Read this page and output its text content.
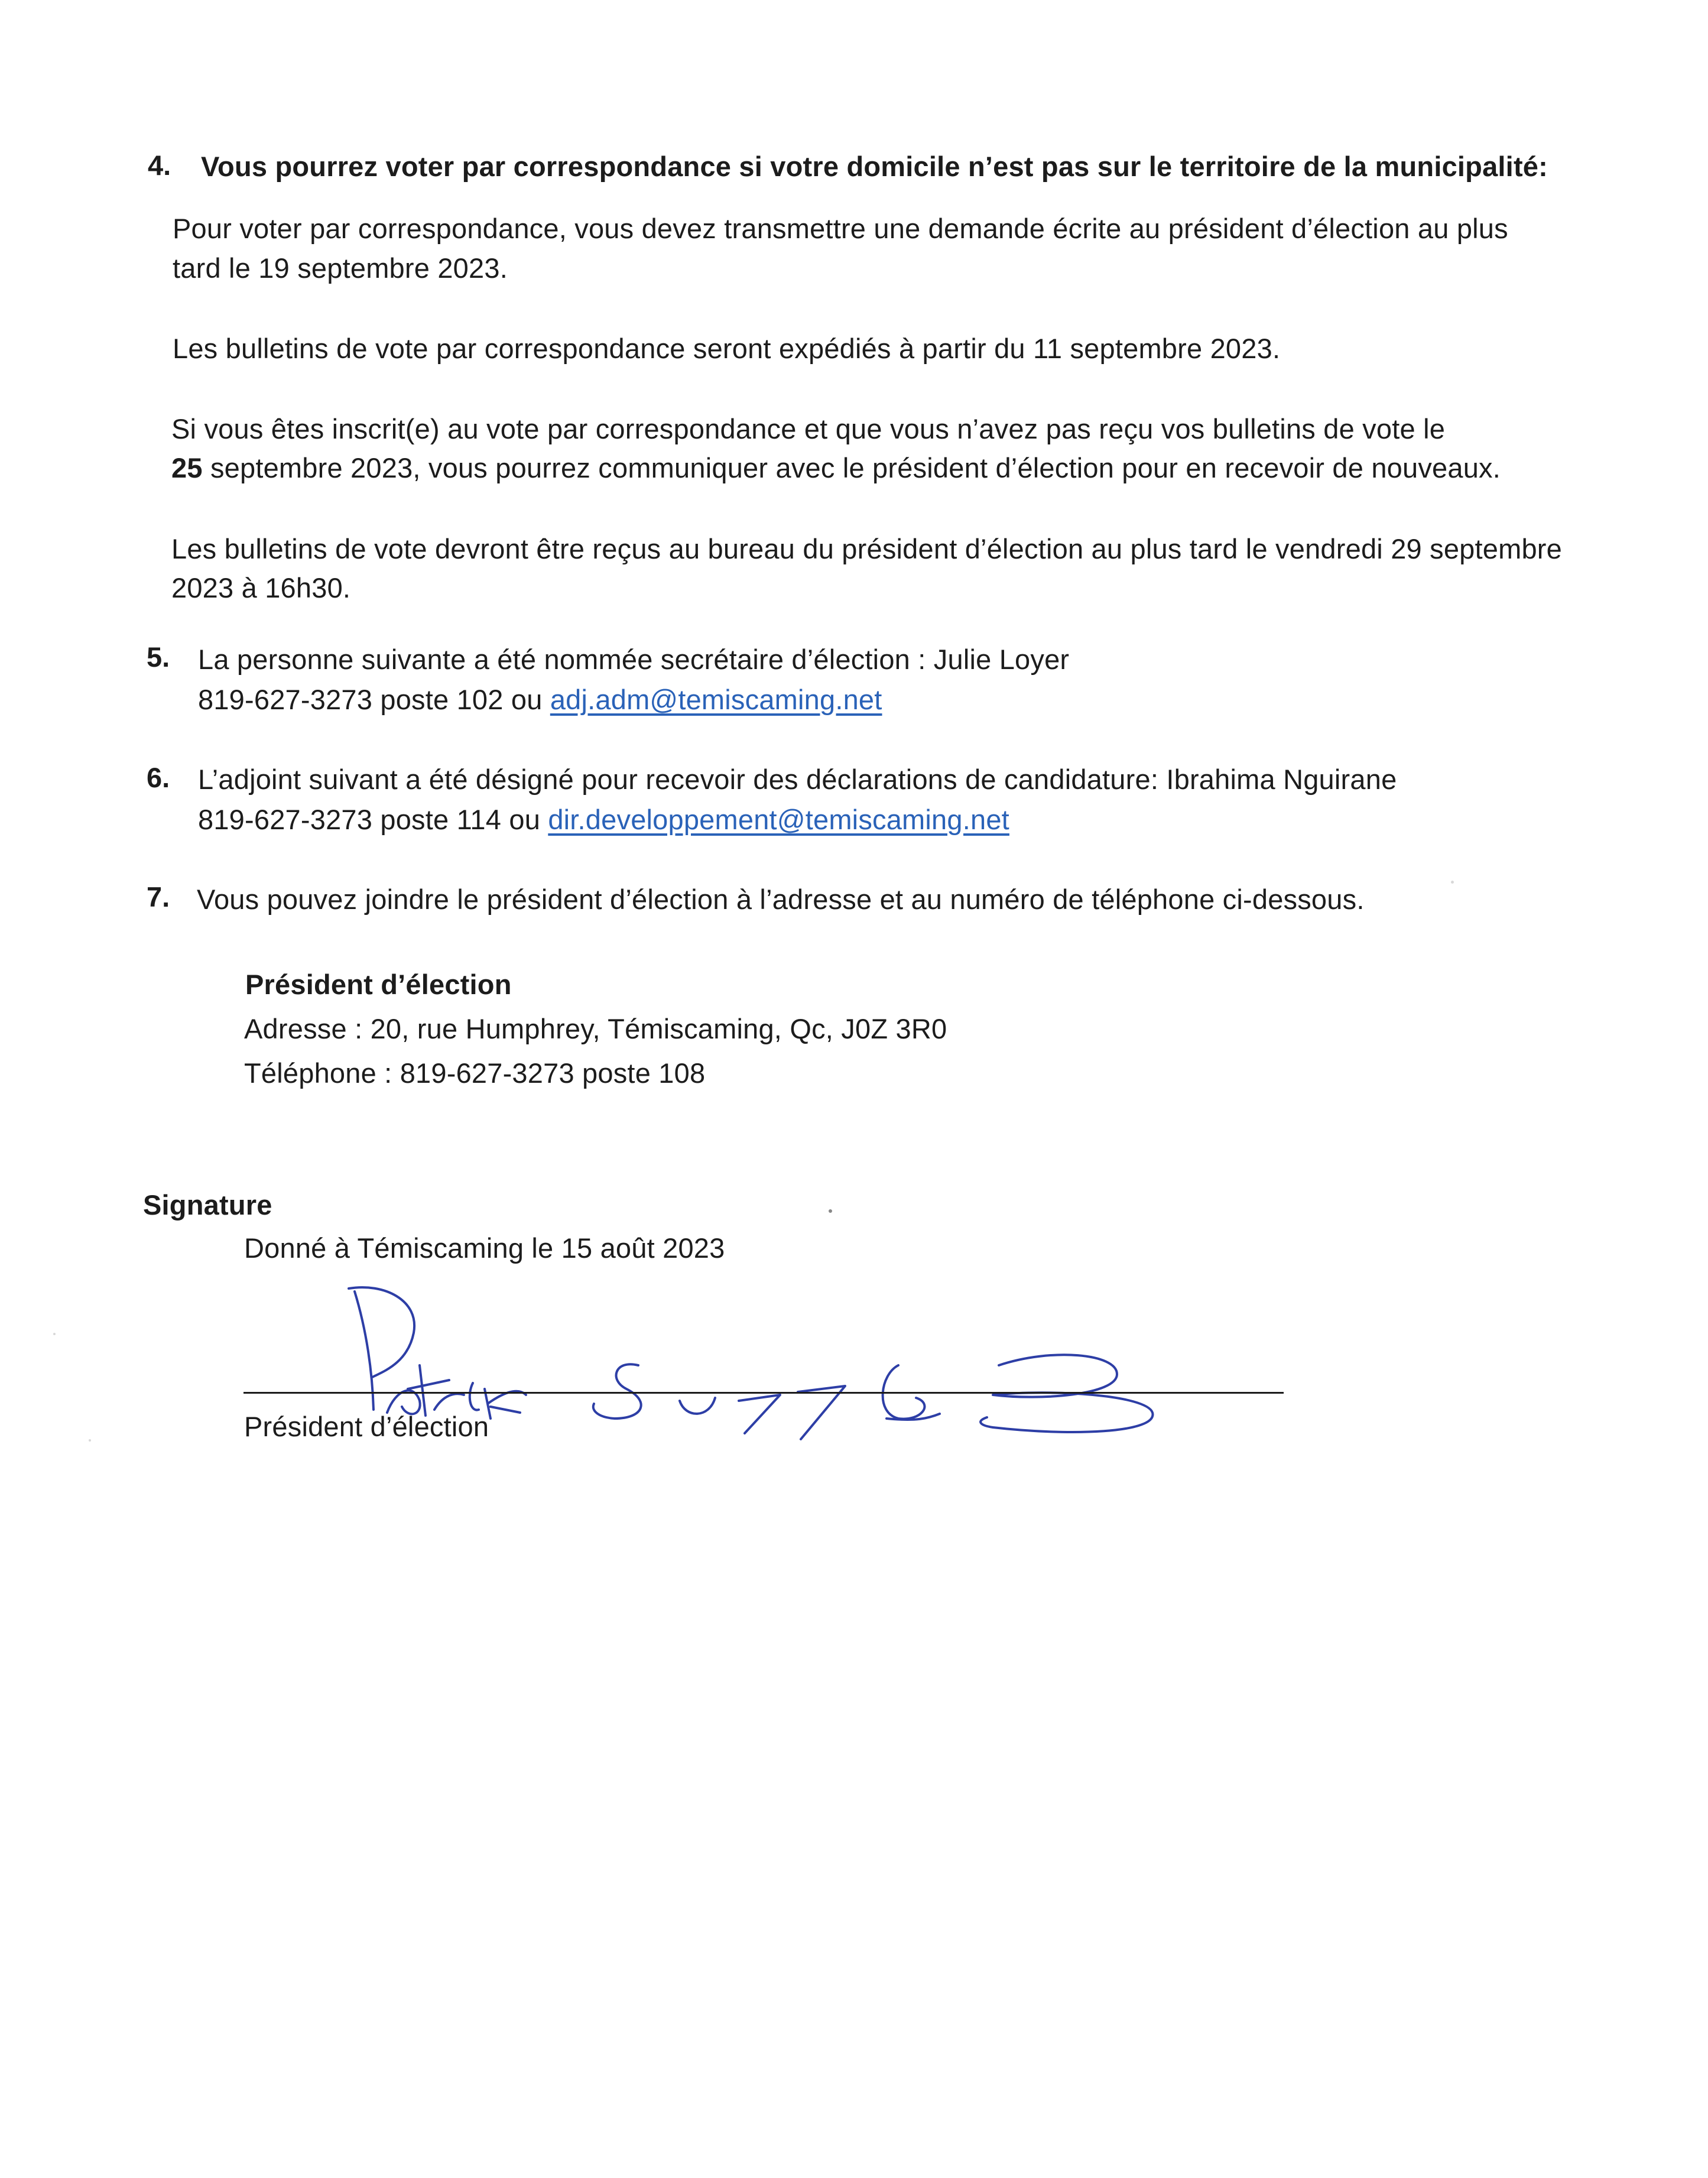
4. Vous pourrez voter par correspondance si votre domicile n’est pas sur le territoire de la municipalité:
Pour voter par correspondance, vous devez transmettre une demande écrite au président d’élection au plus
tard le 19 septembre 2023.
Les bulletins de vote par correspondance seront expédiés à partir du 11 septembre 2023.
Si vous êtes inscrit(e) au vote par correspondance et que vous n’avez pas reçu vos bulletins de vote le
25 septembre 2023, vous pourrez communiquer avec le président d’élection pour en recevoir de nouveaux.
Les bulletins de vote devront être reçus au bureau du président d’élection au plus tard le vendredi 29 septembre
2023 à 16h30.
5. La personne suivante a été nommée secrétaire d’élection : Julie Loyer
819-627-3273 poste 102 ou adj.adm@temiscaming.net
6. L’adjoint suivant a été désigné pour recevoir des déclarations de candidature: Ibrahima Nguirane
819-627-3273 poste 114 ou dir.developpement@temiscaming.net
7. Vous pouvez joindre le président d’élection à l’adresse et au numéro de téléphone ci-dessous.
Président d’élection
Adresse : 20, rue Humphrey, Témiscaming, Qc, J0Z 3R0
Téléphone : 819-627-3273 poste 108
Signature
Donné à Témiscaming le 15 août 2023
Président d’élection
